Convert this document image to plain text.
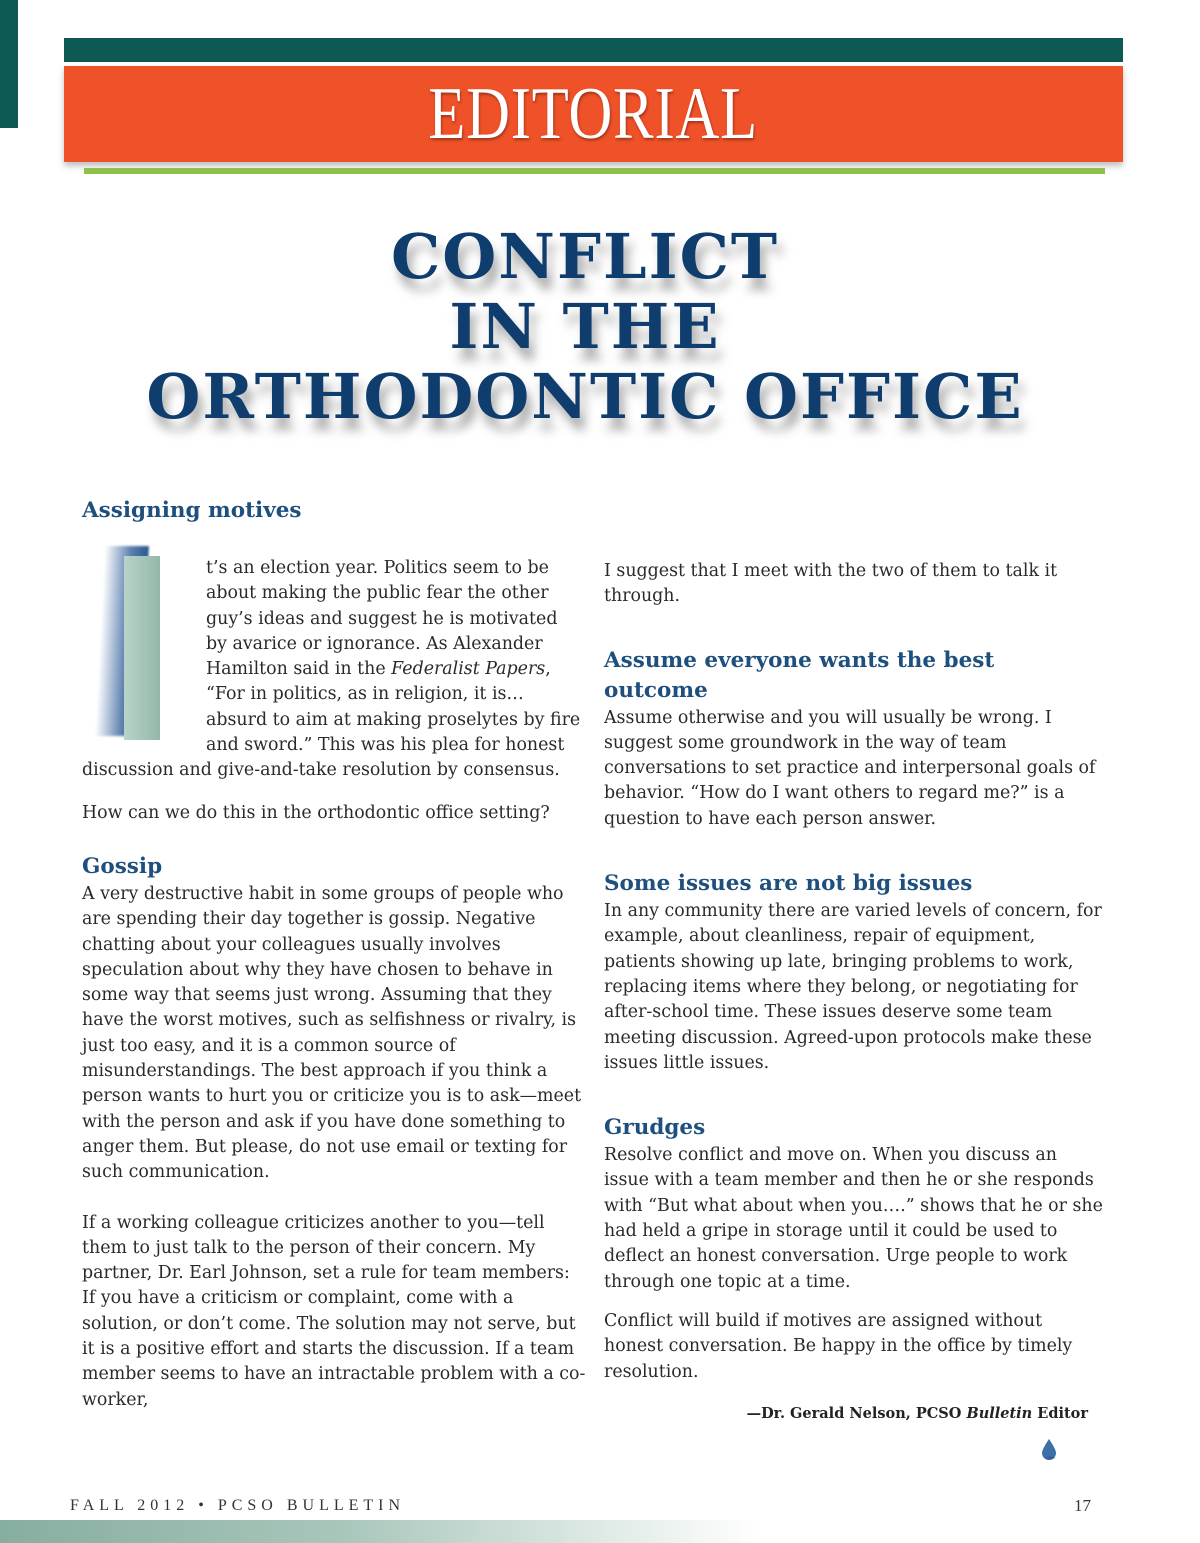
EDITORIAL
CONFLICT
IN THE
ORTHODONTIC OFFICE
Assigning motives

t’s an election year. Politics seem to be

about making the public fear the other

guy’s ideas and suggest he is motivated

by avarice or ignorance. As Alexander

Hamilton said in the Federalist Papers,

“For in politics, as in religion, it is…

absurd to aim at making proselytes by fire

and sword.” This was his plea for honest

discussion and give-and-take resolution by consensus.

How can we do this in the orthodontic office setting?

Gossip

A very destructive habit in some groups of people who are spending their day together is gossip. Negative chatting about your colleagues usually involves speculation about why they have chosen to behave in some way that seems just wrong. Assuming that they have the worst motives, such as selfishness or rivalry, is just too easy, and it is a common source of misunderstandings. The best approach if you think a person wants to hurt you or criticize you is to ask—meet with the person and ask if you have done something to anger them. But please, do not use email or texting for such communication.

If a working colleague criticizes another to you—tell them to just talk to the person of their concern. My partner, Dr. Earl Johnson, set a rule for team members: If you have a criticism or complaint, come with a solution, or don’t come. The solution may not serve, but it is a positive effort and starts the discussion. If a team member seems to have an intractable problem with a co-worker,

I suggest that I meet with the two of them to talk it through.

Assume everyone wants the best outcome

Assume otherwise and you will usually be wrong. I suggest some groundwork in the way of team conversations to set practice and interpersonal goals of behavior. “How do I want others to regard me?” is a question to have each person answer.

Some issues are not big issues

In any community there are varied levels of concern, for example, about cleanliness, repair of equipment, patients showing up late, bringing problems to work, replacing items where they belong, or negotiating for after-school time. These issues deserve some team meeting discussion. Agreed-upon protocols make these issues little issues.

Grudges

Resolve conflict and move on. When you discuss an issue with a team member and then he or she responds with “But what about when you….” shows that he or she had held a gripe in storage until it could be used to deflect an honest conversation. Urge people to work through one topic at a time.

Conflict will build if motives are assigned without honest conversation. Be happy in the office by timely resolution.

—Dr. Gerald Nelson, PCSO Bulletin Editor
FALL 2012 • PCSO BULLETIN	17
